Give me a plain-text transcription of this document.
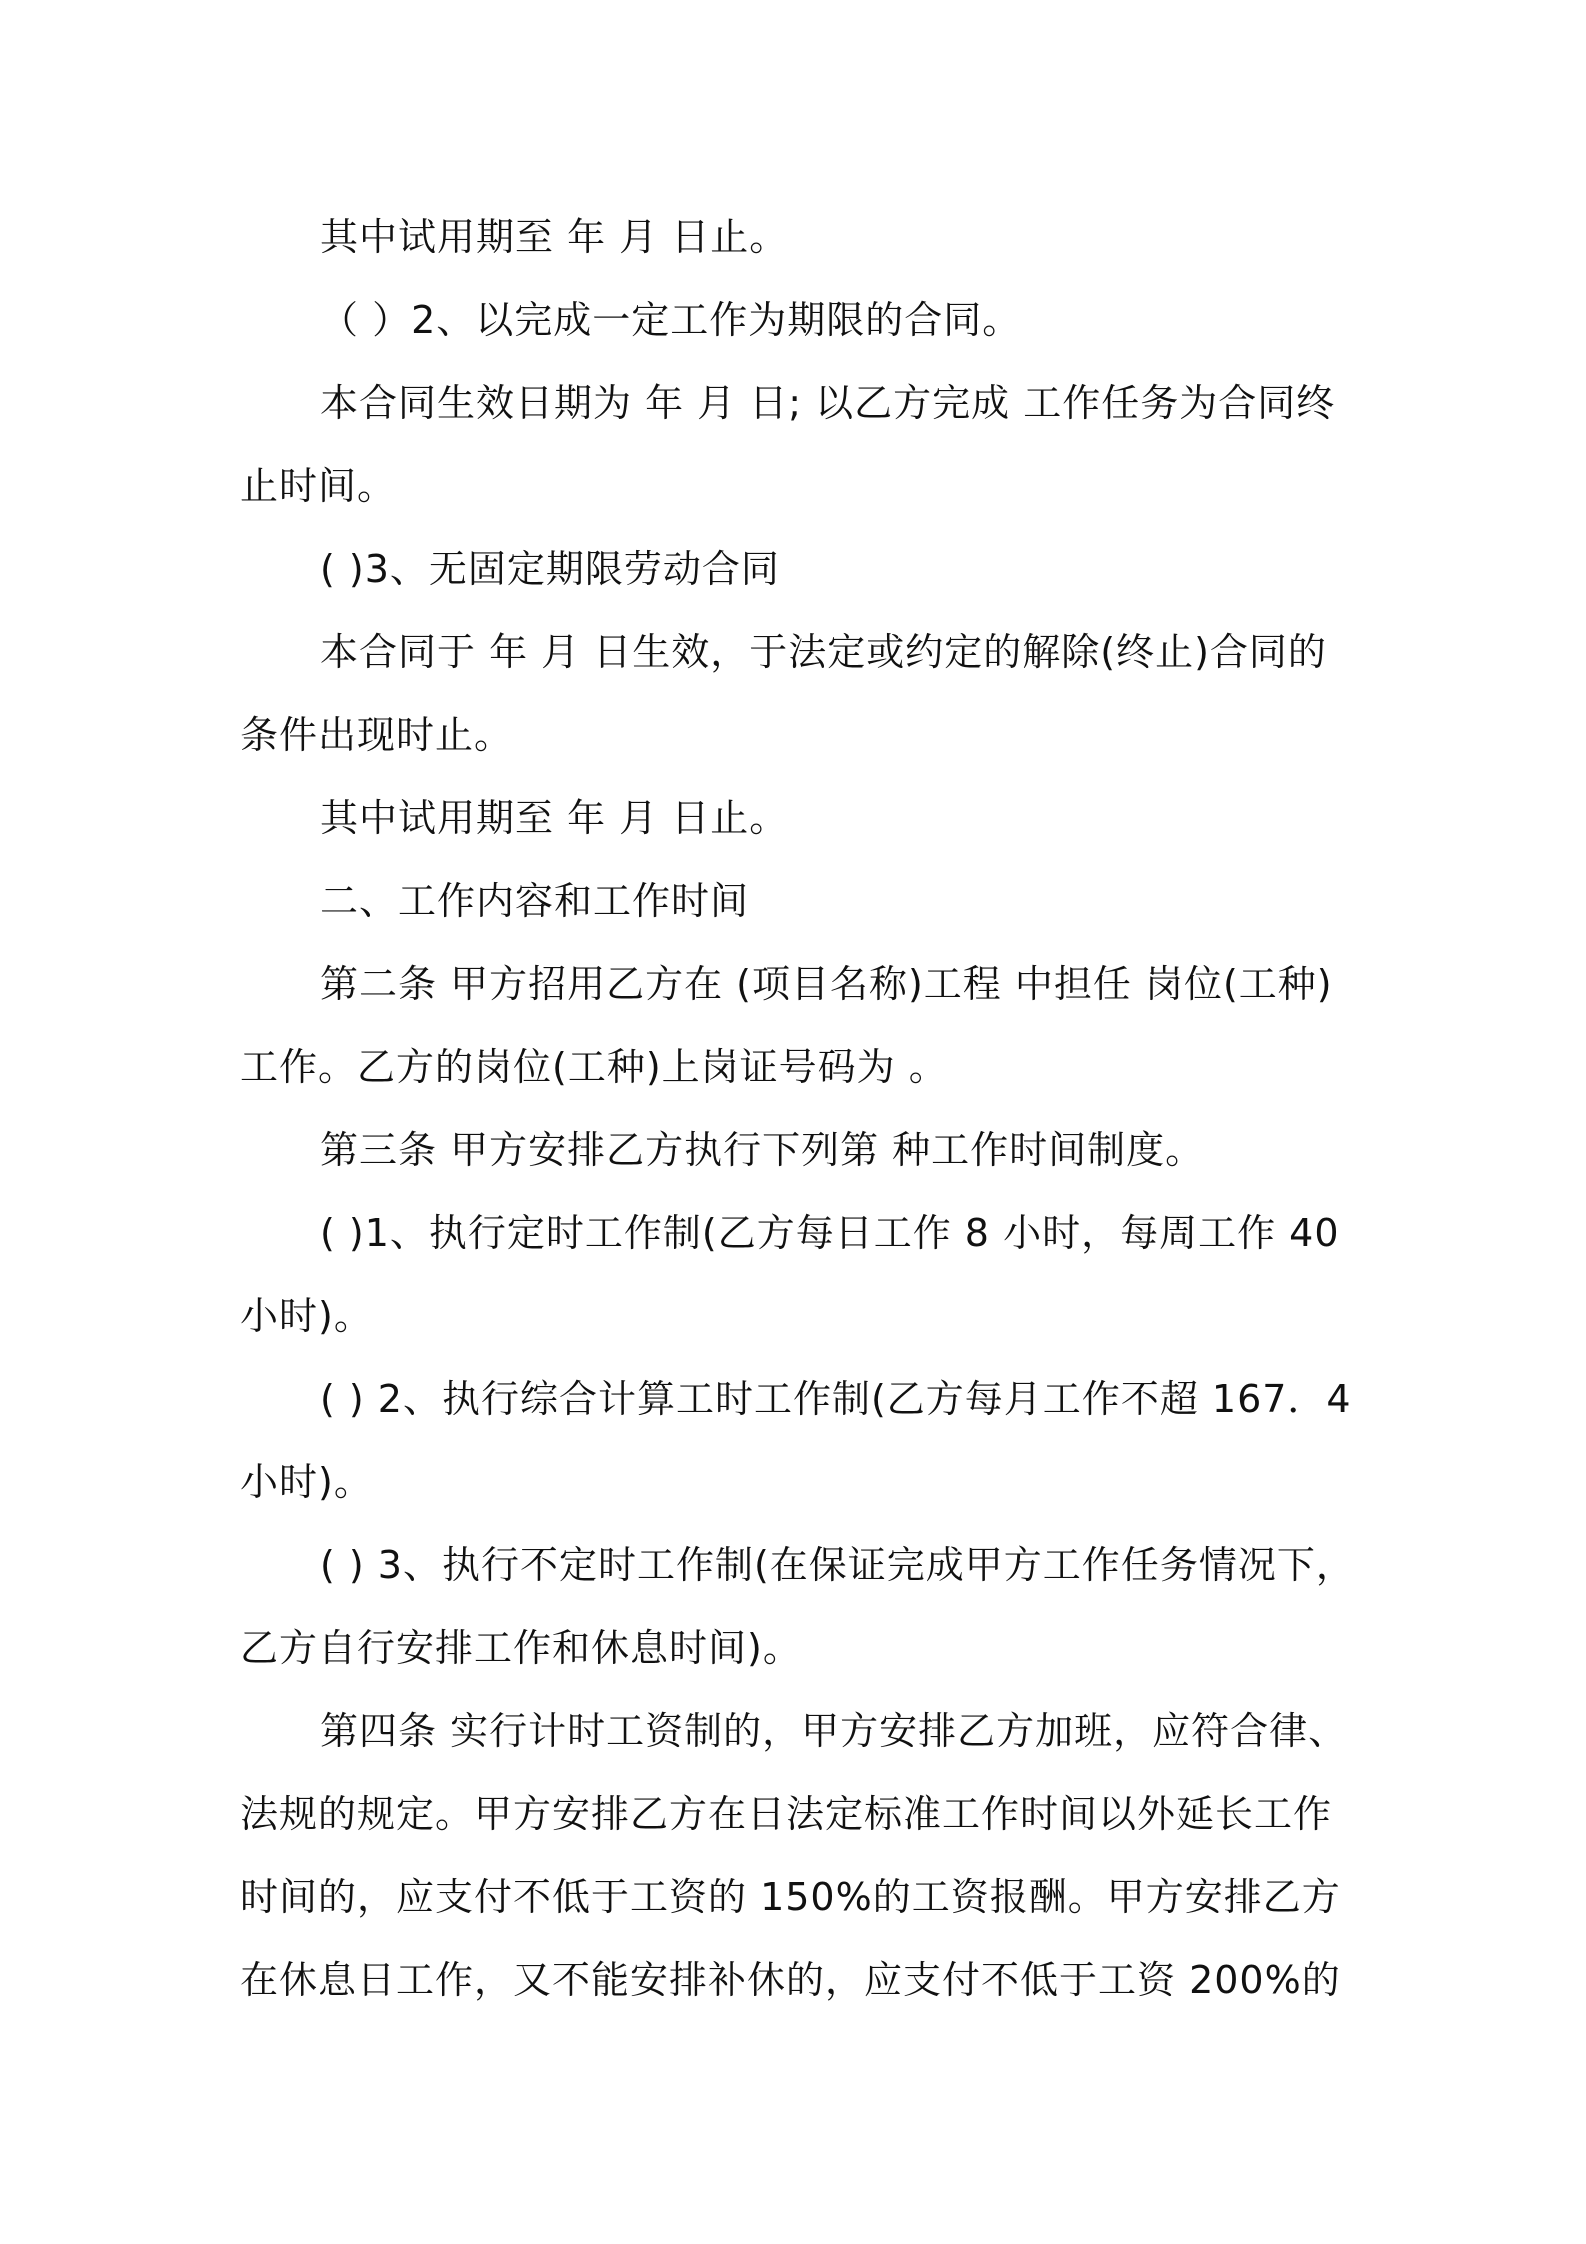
其中试用期至 年 月 日止。

（ ）2、以完成一定工作为期限的合同。

本合同生效日期为 年 月 日; 以乙方完成 工作任务为合同终止时间。

( )3、无固定期限劳动合同

本合同于 年 月 日生效，于法定或约定的解除(终止)合同的条件出现时止。

其中试用期至 年 月 日止。

二、工作内容和工作时间

第二条 甲方招用乙方在 (项目名称)工程 中担任 岗位(工种)工作。乙方的岗位(工种)上岗证号码为 。

第三条 甲方安排乙方执行下列第 种工作时间制度。

( )1、执行定时工作制(乙方每日工作 8 小时，每周工作 40 小时)。

( ) 2、执行综合计算工时工作制(乙方每月工作不超 167．4 小时)。

( ) 3、执行不定时工作制(在保证完成甲方工作任务情况下，乙方自行安排工作和休息时间)。

第四条 实行计时工资制的，甲方安排乙方加班，应符合律、法规的规定。甲方安排乙方在日法定标准工作时间以外延长工作时间的，应支付不低于工资的 150%的工资报酬。甲方安排乙方在休息日工作，又不能安排补休的，应支付不低于工资 200%的
